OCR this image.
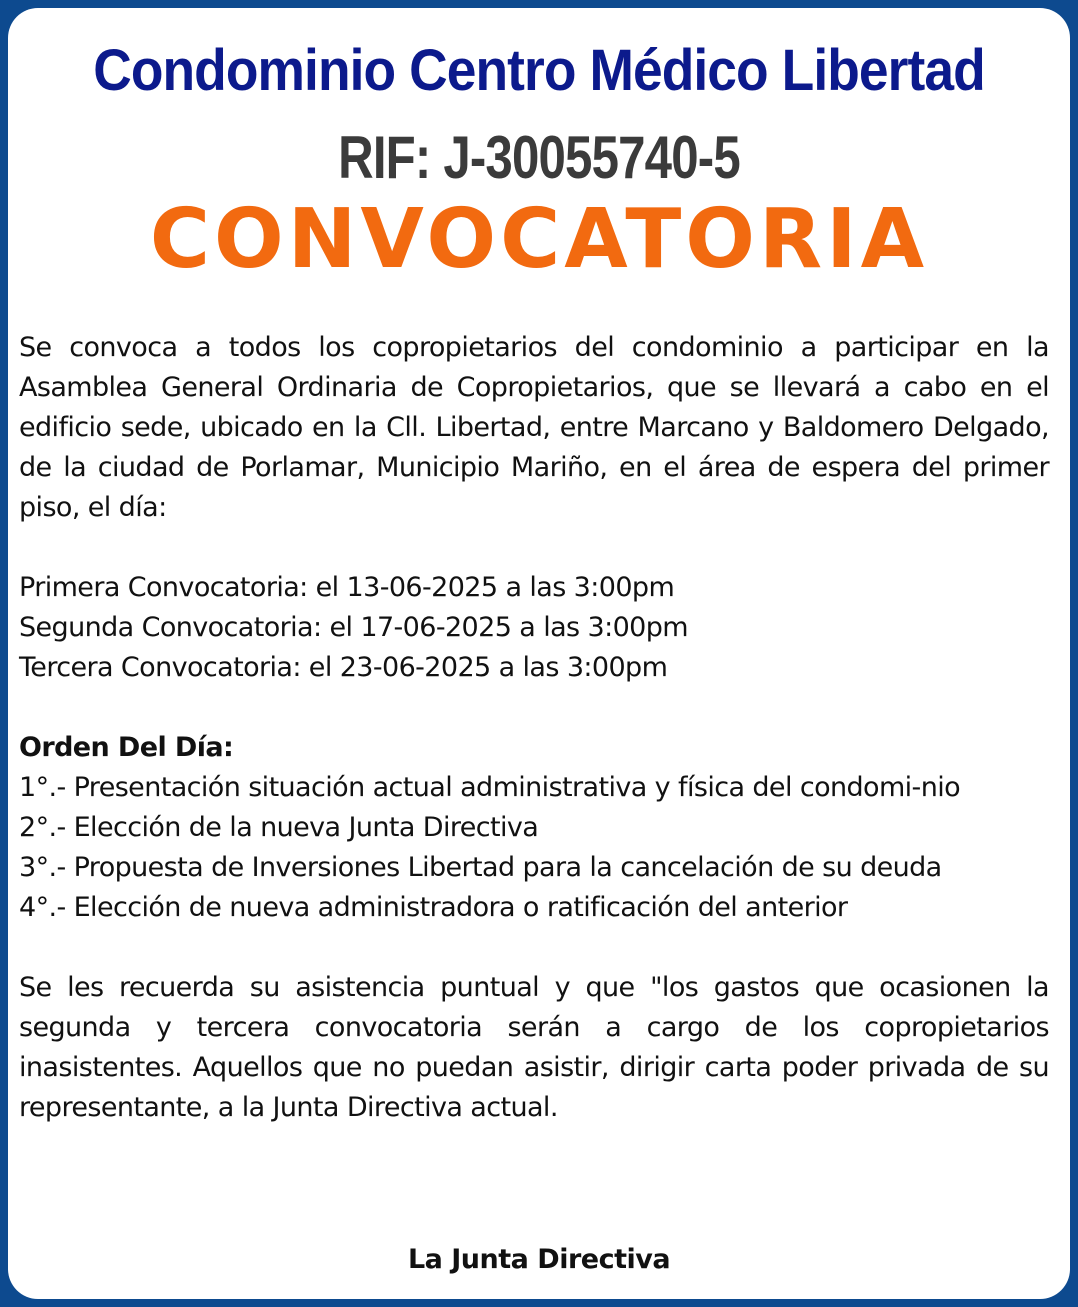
Condominio Centro Médico Libertad
RIF: J-30055740-5
CONVOCATORIA

Se convoca a todos los copropietarios del condominio a participar en la Asamblea General Ordinaria de Copropietarios, que se llevará a cabo en el edificio sede, ubicado en la Cll. Libertad, entre Marcano y Baldomero Delgado, de la ciudad de Porlamar, Municipio Mariño, en el área de espera del primer piso, el día:

Primera Convocatoria: el 13-06-2025 a las 3:00pm

Segunda Convocatoria: el 17-06-2025 a las 3:00pm

Tercera Convocatoria: el 23-06-2025 a las 3:00pm

Orden Del Día:

1°.- Presentación situación actual administrativa y física del condomi-nio

2°.- Elección de la nueva Junta Directiva

3°.- Propuesta de Inversiones Libertad para la cancelación de su deuda

4°.- Elección de nueva administradora o ratificación del anterior

Se les recuerda su asistencia puntual y que "los gastos que ocasionen la segunda y tercera convocatoria serán a cargo de los copropietarios inasistentes. Aquellos que no puedan asistir, dirigir carta poder privada de su representante, a la Junta Directiva actual.

La Junta Directiva
